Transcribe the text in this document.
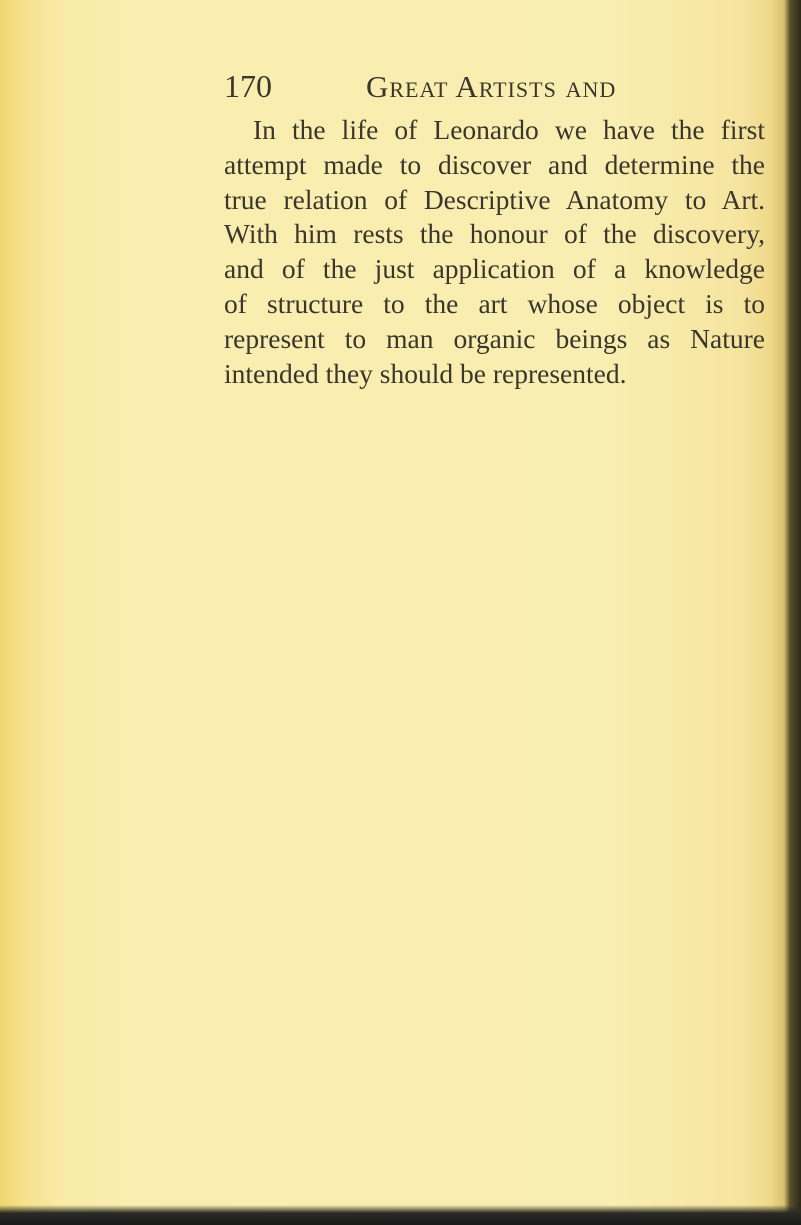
170	Great Artists and

In the life of Leonardo we have the first
attempt made to discover and determine the
true relation of Descriptive Anatomy to Art.
With him rests the honour of the discovery,
and of the just application of a knowledge
of structure to the art whose object is to
represent to man organic beings as Nature
intended they should be represented.
